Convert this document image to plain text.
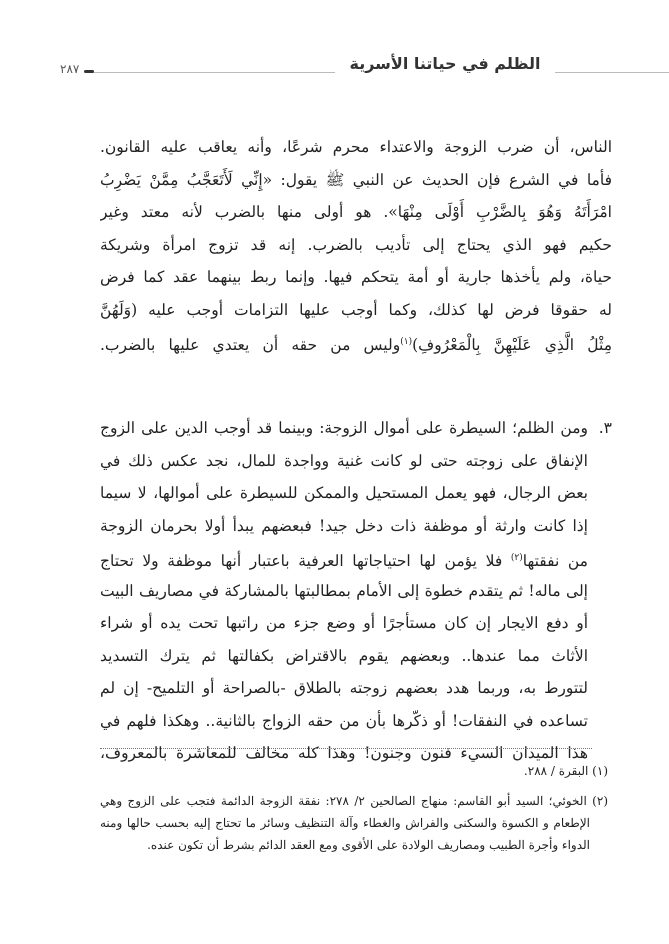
الظلم في حياتنا الأسرية
٢٨٧
الناس، أن ضرب الزوجة والاعتداء محرم شرعًا، وأنه يعاقب عليه القانون.
فأما في الشرع فإن الحديث عن النبي ﷺ يقول: «إِنِّي لَأَتَعَجَّبُ مِمَّنْ يَضْرِبُ
امْرَأَتَهُ وَهُوَ بِالضَّرْبِ أَوْلَى مِنْهَا». هو أولى منها بالضرب لأنه معتد وغير
حكيم فهو الذي يحتاج إلى تأديب بالضرب. إنه قد تزوج امرأة وشريكة
حياة، ولم يأخذها جارية أو أمة يتحكم فيها. وإنما ربط بينهما عقد كما فرض
له حقوقا فرض لها كذلك، وكما أوجب عليها التزامات أوجب عليه (وَلَهُنَّ
مِثْلُ الَّذِي عَلَيْهِنَّ بِالْمَعْرُوفِ)$^{(١)}$وليس من حقه أن يعتدي عليها بالضرب.
٣.
ومن الظلم؛ السيطرة على أموال الزوجة: وبينما قد أوجب الدين على الزوج
الإنفاق على زوجته حتى لو كانت غنية وواجدة للمال، نجد عكس ذلك في
بعض الرجال، فهو يعمل المستحيل والممكن للسيطرة على أموالها، لا سيما
إذا كانت وارثة أو موظفة ذات دخل جيد! فبعضهم يبدأ أولا بحرمان الزوجة
من نفقتها$^{(٢)}$ فلا يؤمن لها احتياجاتها العرفية باعتبار أنها موظفة ولا تحتاج
إلى ماله! ثم يتقدم خطوة إلى الأمام بمطالبتها بالمشاركة في مصاريف البيت
أو دفع الايجار إن كان مستأجرًا أو وضع جزء من راتبها تحت يده أو شراء
الأثاث مما عندها.. وبعضهم يقوم بالاقتراض بكفالتها ثم يترك التسديد
لتتورط به، وربما هدد بعضهم زوجته بالطلاق -بالصراحة أو التلميح- إن لم
تساعده في النفقات! أو ذكّرها بأن من حقه الزواج بالثانية.. وهكذا فلهم في
هذا الميدان السيء فنون وجنون! وهذا كله مخالف للمعاشرة بالمعروف،
(١) البقرة / ٢٨٨.
(٢) الخوئي؛ السيد أبو القاسم: منهاج الصالحين ٢/ ٢٧٨: نفقة الزوجة الدائمة فتجب على الزوج وهي
الإطعام و الكسوة والسكنى والفراش والغطاء وآلة التنظيف وسائر ما تحتاج إليه بحسب حالها ومنه
الدواء وأجرة الطبيب ومصاريف الولادة على الأقوى ومع العقد الدائم بشرط أن تكون عنده.
